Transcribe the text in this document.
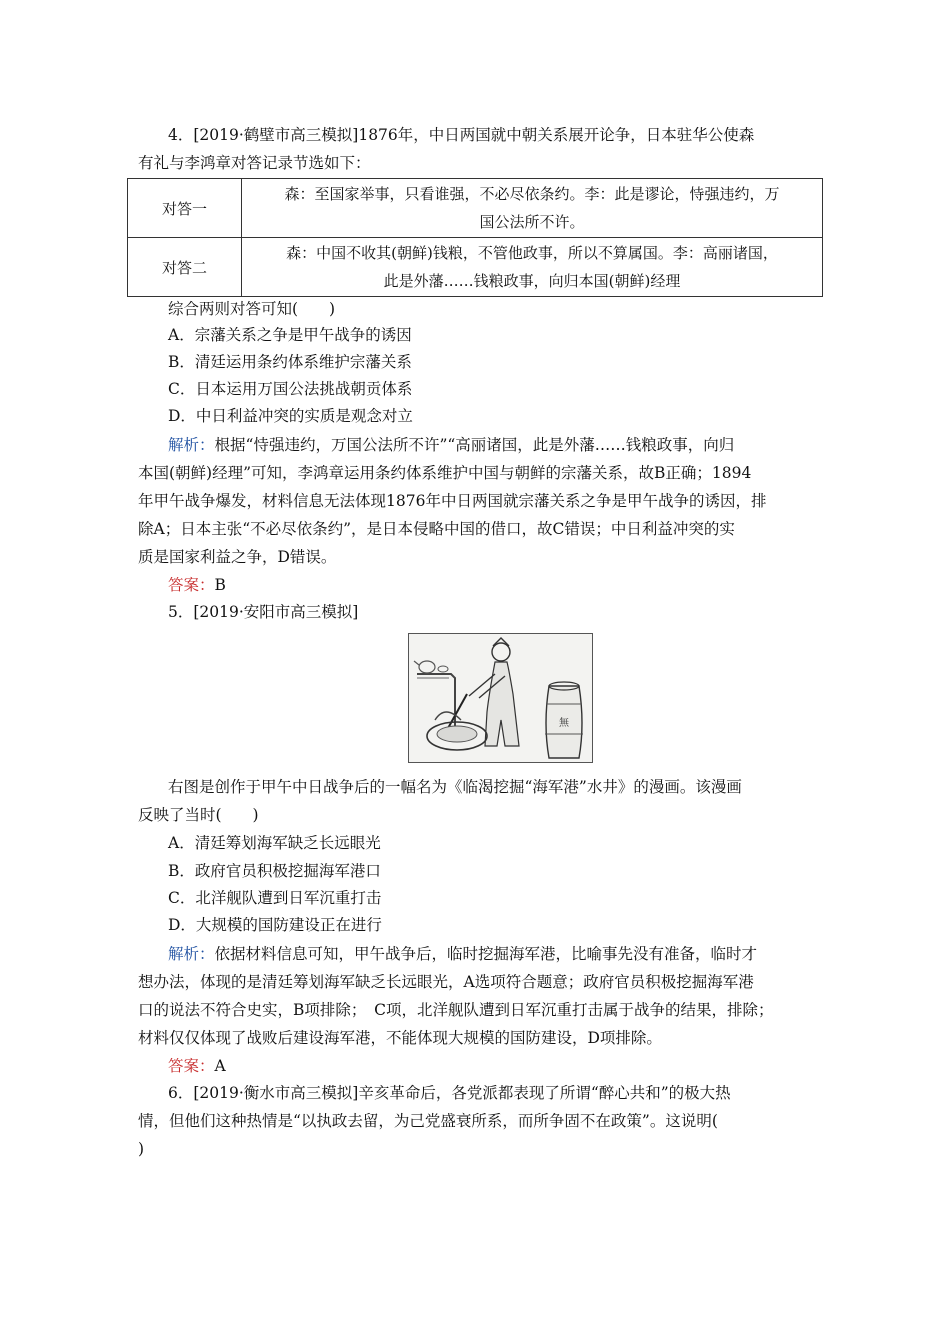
4．[2019·鹤壁市高三模拟]1876年，中日两国就中朝关系展开论争，日本驻华公使森
有礼与李鸿章对答记录节选如下：
对答一	森：至国家举事，只看谁强，不必尽依条约。李：此是谬论，恃强违约，万
国公法所不许。
对答二	森：中国不收其(朝鲜)钱粮，不管他政事，所以不算属国。李：高丽诸国，
此是外藩……钱粮政事，向归本国(朝鲜)经理
综合两则对答可知(　　)
A．宗藩关系之争是甲午战争的诱因
B．清廷运用条约体系维护宗藩关系
C．日本运用万国公法挑战朝贡体系
D．中日利益冲突的实质是观念对立
解析：根据“恃强违约，万国公法所不许”“高丽诸国，此是外藩……钱粮政事，向归
本国(朝鲜)经理”可知，李鸿章运用条约体系维护中国与朝鲜的宗藩关系，故B正确；1894
年甲午战争爆发，材料信息无法体现1876年中日两国就宗藩关系之争是甲午战争的诱因，排
除A；日本主张“不必尽依条约”，是日本侵略中国的借口，故C错误；中日利益冲突的实
质是国家利益之争，D错误。
答案：B
5．[2019·安阳市高三模拟]
無
右图是创作于甲午中日战争后的一幅名为《临渴挖掘“海军港”水井》的漫画。该漫画
反映了当时(　　)
A．清廷筹划海军缺乏长远眼光
B．政府官员积极挖掘海军港口
C．北洋舰队遭到日军沉重打击
D．大规模的国防建设正在进行
解析：依据材料信息可知，甲午战争后，临时挖掘海军港，比喻事先没有准备，临时才
想办法，体现的是清廷筹划海军缺乏长远眼光，A选项符合题意；政府官员积极挖掘海军港
口的说法不符合史实，B项排除；　C项，北洋舰队遭到日军沉重打击属于战争的结果，排除；
材料仅仅体现了战败后建设海军港，不能体现大规模的国防建设，D项排除。
答案：A
6．[2019·衡水市高三模拟]辛亥革命后，各党派都表现了所谓“醉心共和”的极大热
情，但他们这种热情是“以执政去留，为己党盛衰所系，而所争固不在政策”。这说明(
)
